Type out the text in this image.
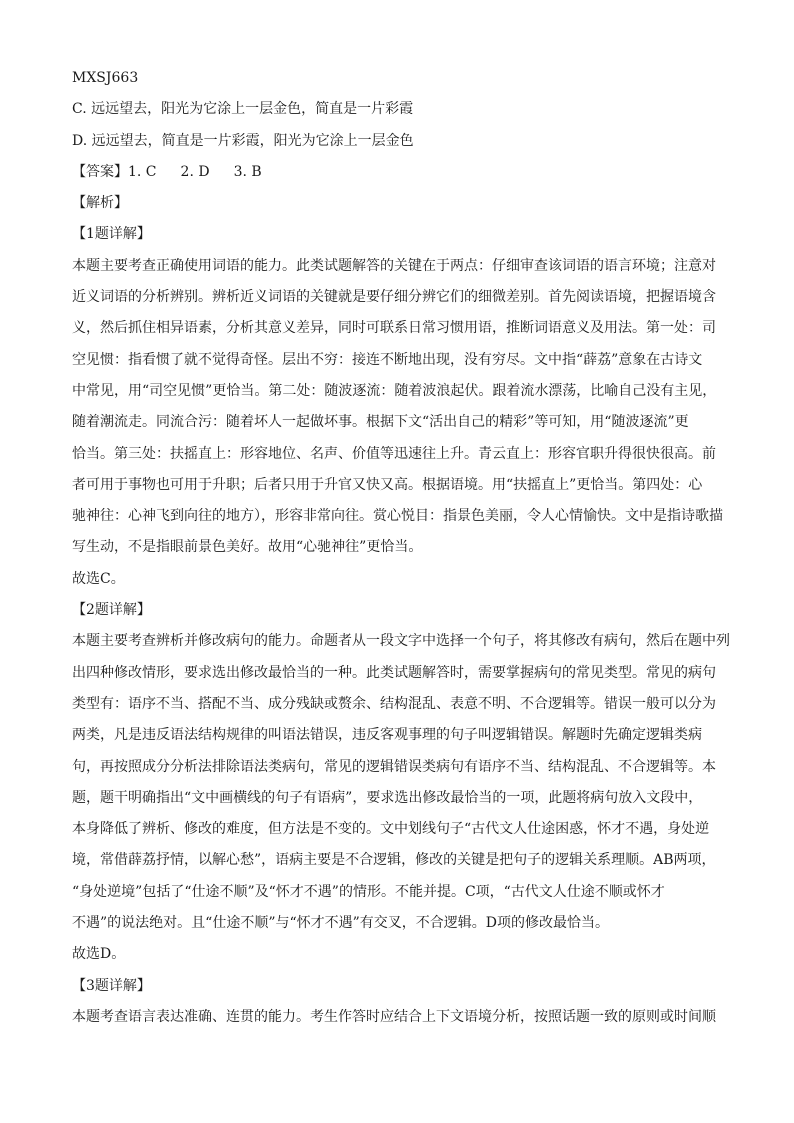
MXSJ663
C. 远远望去，阳光为它涂上一层金色，简直是一片彩霞
D. 远远望去，简直是一片彩霞，阳光为它涂上一层金色
【答案】1. C 2. D 3. B
【解析】
【1题详解】
本题主要考查正确使用词语的能力。此类试题解答的关键在于两点：仔细审查该词语的语言环境；注意对
近义词语的分析辨别。辨析近义词语的关键就是要仔细分辨它们的细微差别。首先阅读语境，把握语境含
义，然后抓住相异语素，分析其意义差异，同时可联系日常习惯用语，推断词语意义及用法。第一处：司
空见惯：指看惯了就不觉得奇怪。层出不穷：接连不断地出现，没有穷尽。文中指“薜荔”意象在古诗文
中常见，用“司空见惯”更恰当。第二处：随波逐流：随着波浪起伏。跟着流水漂荡，比喻自己没有主见，
随着潮流走。同流合污：随着坏人一起做坏事。根据下文“活出自己的精彩”等可知，用“随波逐流”更
恰当。第三处：扶摇直上：形容地位、名声、价值等迅速往上升。青云直上：形容官职升得很快很高。前
者可用于事物也可用于升职；后者只用于升官又快又高。根据语境。用“扶摇直上”更恰当。第四处：心
驰神往：心神飞到向往的地方），形容非常向往。赏心悦目：指景色美丽，令人心情愉快。文中是指诗歌描
写生动，不是指眼前景色美好。故用“心驰神往”更恰当。
故选C。
【2题详解】
本题主要考查辨析并修改病句的能力。命题者从一段文字中选择一个句子，将其修改有病句，然后在题中列
出四种修改情形，要求选出修改最恰当的一种。此类试题解答时，需要掌握病句的常见类型。常见的病句
类型有：语序不当、搭配不当、成分残缺或赘余、结构混乱、表意不明、不合逻辑等。错误一般可以分为
两类，凡是违反语法结构规律的叫语法错误，违反客观事理的句子叫逻辑错误。解题时先确定逻辑类病
句，再按照成分分析法排除语法类病句，常见的逻辑错误类病句有语序不当、结构混乱、不合逻辑等。本
题，题干明确指出“文中画横线的句子有语病”，要求选出修改最恰当的一项，此题将病句放入文段中，
本身降低了辨析、修改的难度，但方法是不变的。文中划线句子“古代文人仕途困惑，怀才不遇，身处逆
境，常借薜荔抒情，以解心愁”，语病主要是不合逻辑，修改的关键是把句子的逻辑关系理顺。AB两项，
“身处逆境”包括了“仕途不顺”及“怀才不遇”的情形。不能并提。C项，“古代文人仕途不顺或怀才
不遇”的说法绝对。且“仕途不顺”与“怀才不遇”有交叉，不合逻辑。D项的修改最恰当。
故选D。
【3题详解】
本题考查语言表达准确、连贯的能力。考生作答时应结合上下文语境分析，按照话题一致的原则或时间顺
